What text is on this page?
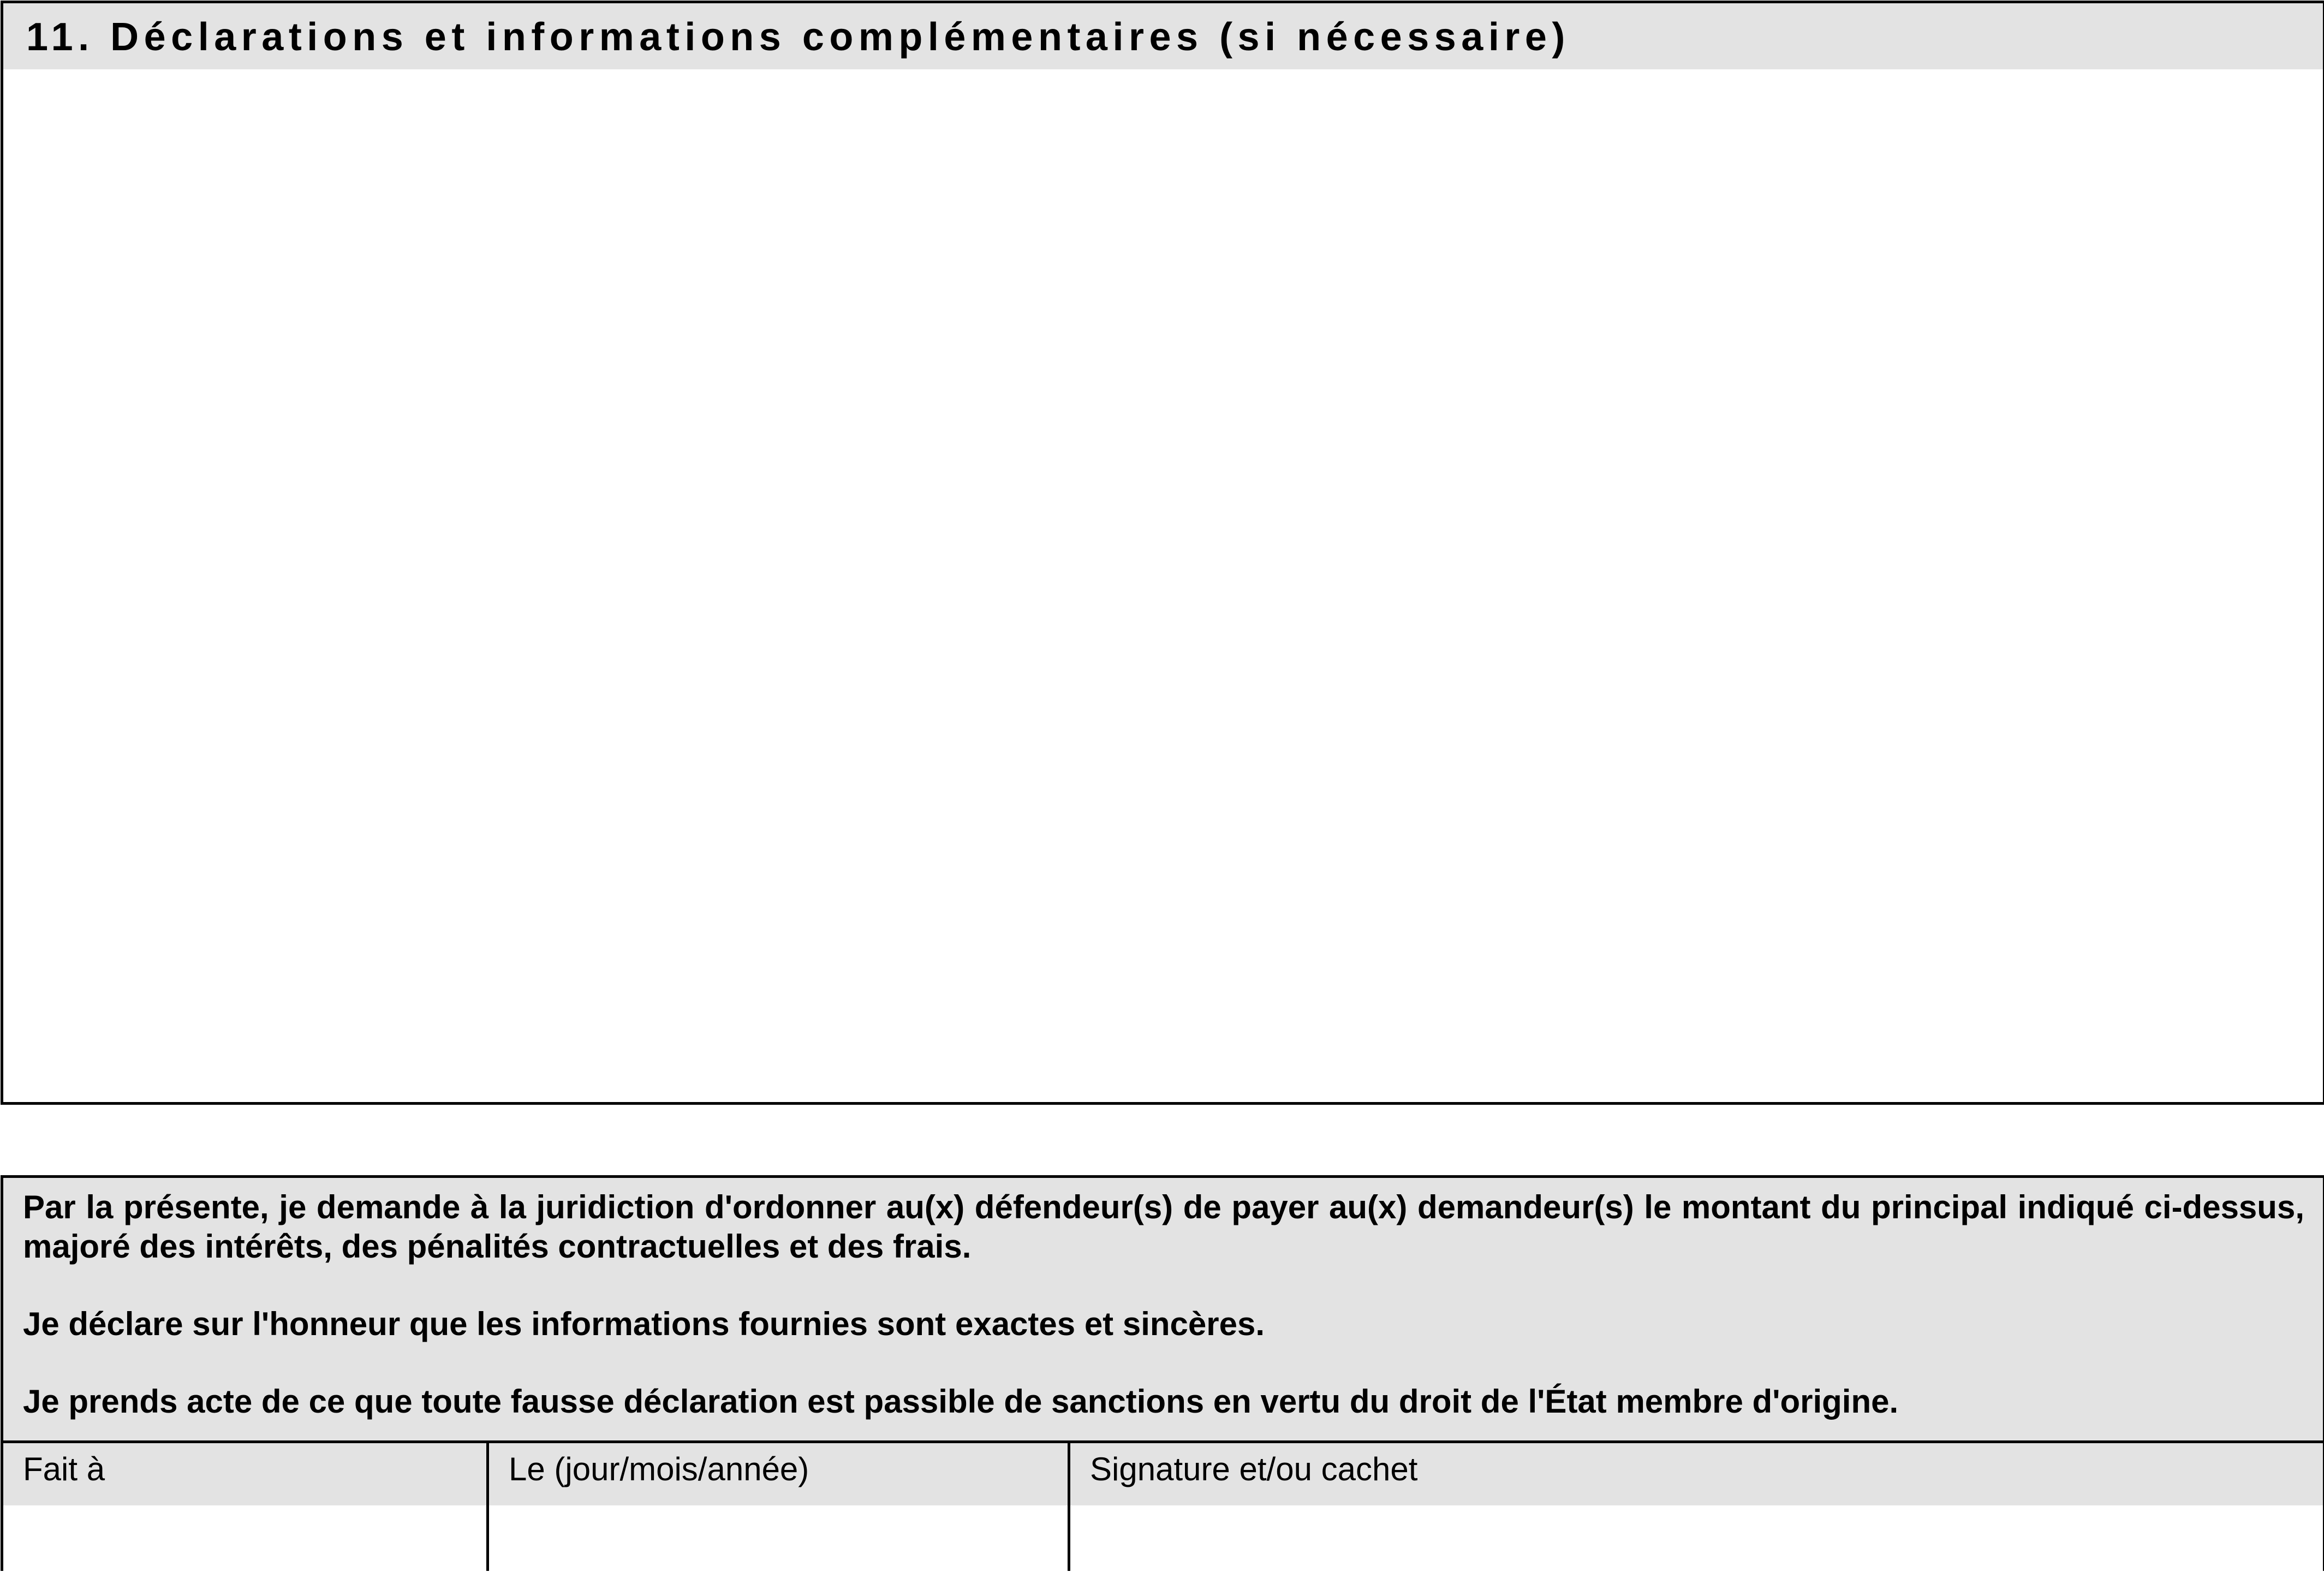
11. Déclarations et informations complémentaires (si nécessaire)

Par la présente, je demande à la juridiction d'ordonner au(x) défendeur(s) de payer au(x) demandeur(s) le montant du principal indiqué ci-dessus, majoré des intérêts, des pénalités contractuelles et des frais.

Je déclare sur l'honneur que les informations fournies sont exactes et sincères.

Je prends acte de ce que toute fausse déclaration est passible de sanctions en vertu du droit de l'État membre d'origine.

Fait à	Le (jour/mois/année)	Signature et/ou cachet
